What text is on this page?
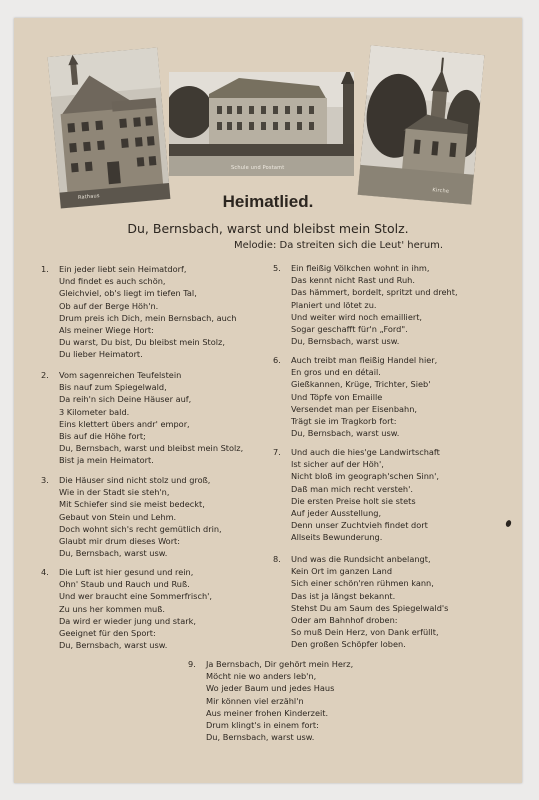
Rathaus
Schule und Postamt
Kirche
Heimatlied.
Du, Bernsbach, warst und bleibst mein Stolz.
Melodie: Da streiten sich die Leut' herum.
1. Ein jeder liebt sein Heimatdorf,
Und findet es auch schön,
Gleichviel, ob's liegt im tiefen Tal,
Ob auf der Berge Höh'n.
Drum preis ich Dich, mein Bernsbach, auch
Als meiner Wiege Hort:
Du warst, Du bist, Du bleibst mein Stolz,
Du lieber Heimatort.
2. Vom sagenreichen Teufelstein
Bis nauf zum Spiegelwald,
Da reih'n sich Deine Häuser auf,
3 Kilometer bald.
Eins klettert übers andr' empor,
Bis auf die Höhe fort;
Du, Bernsbach, warst und bleibst mein Stolz,
Bist ja mein Heimatort.
3. Die Häuser sind nicht stolz und groß,
Wie in der Stadt sie steh'n,
Mit Schiefer sind sie meist bedeckt,
Gebaut von Stein und Lehm.
Doch wohnt sich's recht gemütlich drin,
Glaubt mir drum dieses Wort:
Du, Bernsbach, warst usw.
4. Die Luft ist hier gesund und rein,
Ohn' Staub und Rauch und Ruß.
Und wer braucht eine Sommerfrisch',
Zu uns her kommen muß.
Da wird er wieder jung und stark,
Geeignet für den Sport:
Du, Bernsbach, warst usw.
5. Ein fleißig Völkchen wohnt in ihm,
Das kennt nicht Rast und Ruh.
Das hämmert, bordelt, spritzt und dreht,
Planiert und lötet zu.
Und weiter wird noch emailliert,
Sogar geschafft für'n „Ford".
Du, Bernsbach, warst usw.
6. Auch treibt man fleißig Handel hier,
En gros und en détail.
Gießkannen, Krüge, Trichter, Sieb'
Und Töpfe von Emaille
Versendet man per Eisenbahn,
Trägt sie im Tragkorb fort:
Du, Bernsbach, warst usw.
7. Und auch die hies'ge Landwirtschaft
Ist sicher auf der Höh',
Nicht bloß im geograph'schen Sinn',
Daß man mich recht versteh'.
Die ersten Preise holt sie stets
Auf jeder Ausstellung,
Denn unser Zuchtvieh findet dort
Allseits Bewunderung.
8. Und was die Rundsicht anbelangt,
Kein Ort im ganzen Land
Sich einer schön'ren rühmen kann,
Das ist ja längst bekannt.
Stehst Du am Saum des Spiegelwald's
Oder am Bahnhof droben:
So muß Dein Herz, von Dank erfüllt,
Den großen Schöpfer loben.
9. Ja Bernsbach, Dir gehört mein Herz,
Möcht nie wo anders leb'n,
Wo jeder Baum und jedes Haus
Mir können viel erzähl'n
Aus meiner frohen Kinderzeit.
Drum klingt's in einem fort:
Du, Bernsbach, warst usw.
